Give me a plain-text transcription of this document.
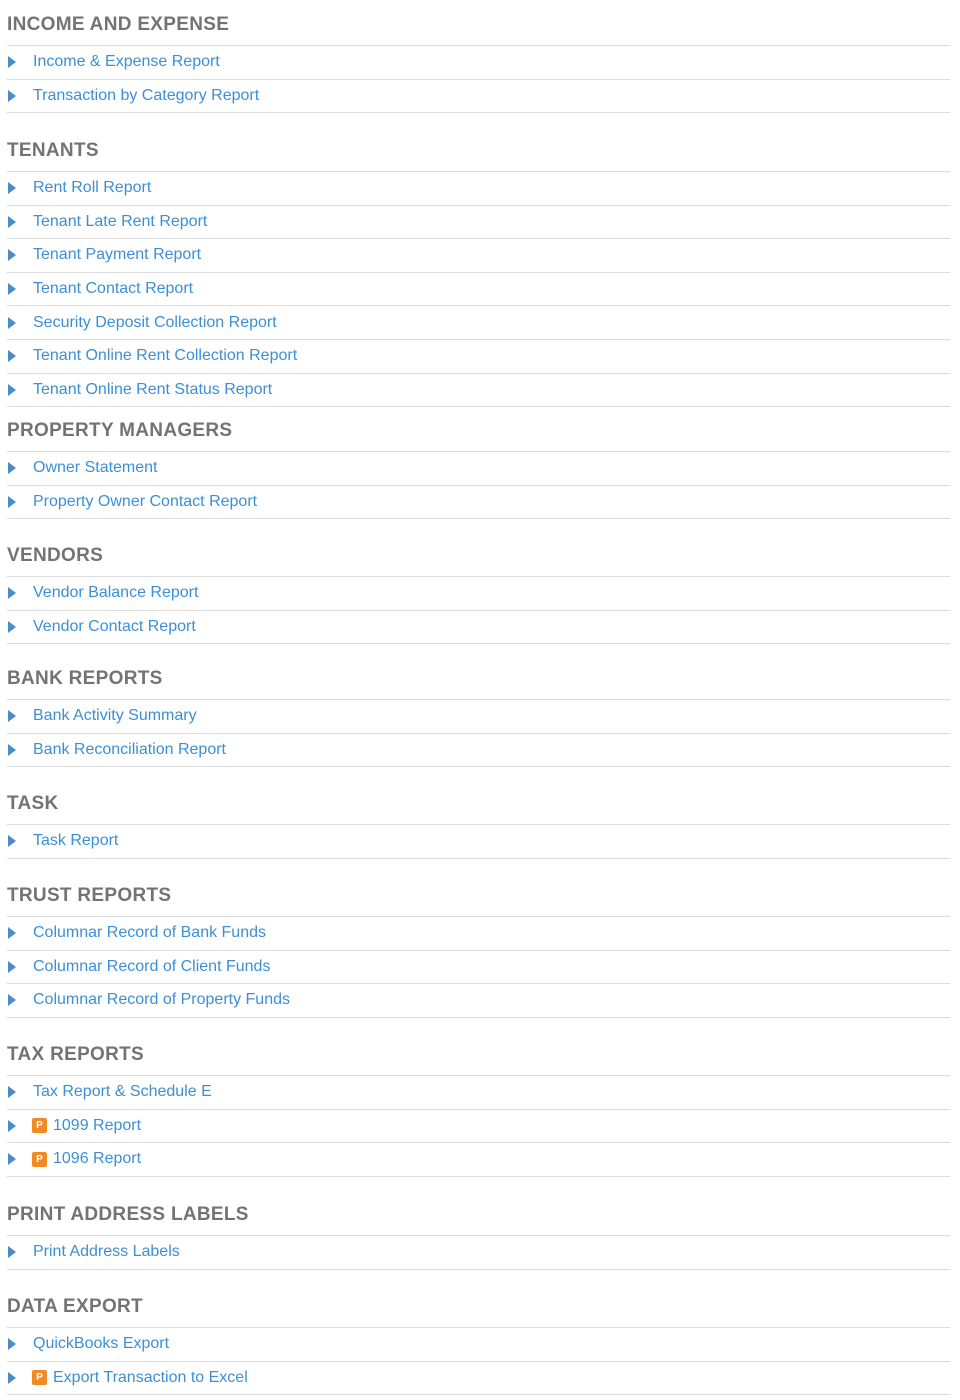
INCOME AND EXPENSE
Income & Expense Report
Transaction by Category Report
TENANTS
Rent Roll Report
Tenant Late Rent Report
Tenant Payment Report
Tenant Contact Report
Security Deposit Collection Report
Tenant Online Rent Collection Report
Tenant Online Rent Status Report
PROPERTY MANAGERS
Owner Statement
Property Owner Contact Report
VENDORS
Vendor Balance Report
Vendor Contact Report
BANK REPORTS
Bank Activity Summary
Bank Reconciliation Report
TASK
Task Report
TRUST REPORTS
Columnar Record of Bank Funds
Columnar Record of Client Funds
Columnar Record of Property Funds
TAX REPORTS
Tax Report & Schedule E
P 1099 Report
P 1096 Report
PRINT ADDRESS LABELS
Print Address Labels
DATA EXPORT
QuickBooks Export
P Export Transaction to Excel
